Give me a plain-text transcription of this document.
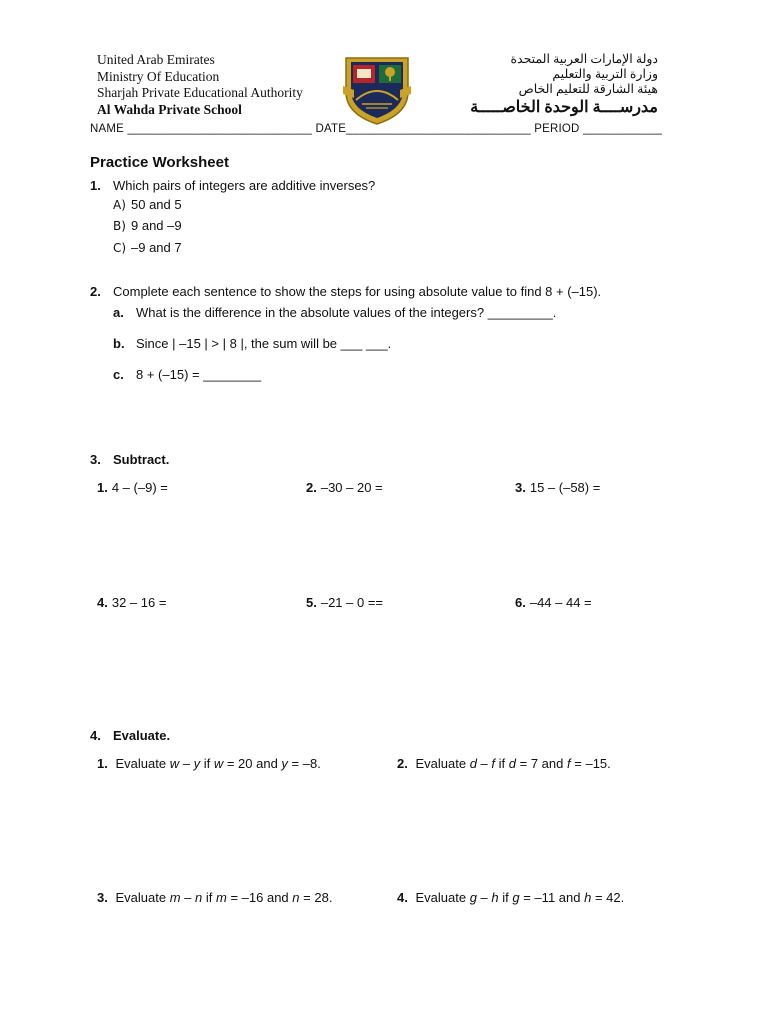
United Arab Emirates
Ministry Of Education
Sharjah Private Educational Authority
Al Wahda Private School
دولة الإمارات العربية المتحدة
وزارة التربية والتعليم
هيئة الشارقة للتعليم الخاص
مدرســــة الوحدة الخاصـــــة
NAME ____________________________ DATE____________________________ PERIOD ____________
Practice Worksheet
1. Which pairs of integers are additive inverses?
A) 50 and 5
B) 9 and –9
C) –9 and 7
2. Complete each sentence to show the steps for using absolute value to find 8 + (–15).
a. What is the difference in the absolute values of the integers? _________.
b. Since | –15 | > | 8 |, the sum will be ___ ___.
c. 8 + (–15) = ________
3. Subtract.
1. 4 – (–9) =	2. –30 – 20 =	3. 15 – (–58) =
4. 32 – 16 =	5. –21 – 0 ==	6. –44 – 44 =
4. Evaluate.
1. Evaluate w – y if w = 20 and y = –8.	2. Evaluate d – f if d = 7 and f = –15.
3. Evaluate m – n if m = –16 and n = 28.	4. Evaluate g – h if g = –11 and h = 42.
